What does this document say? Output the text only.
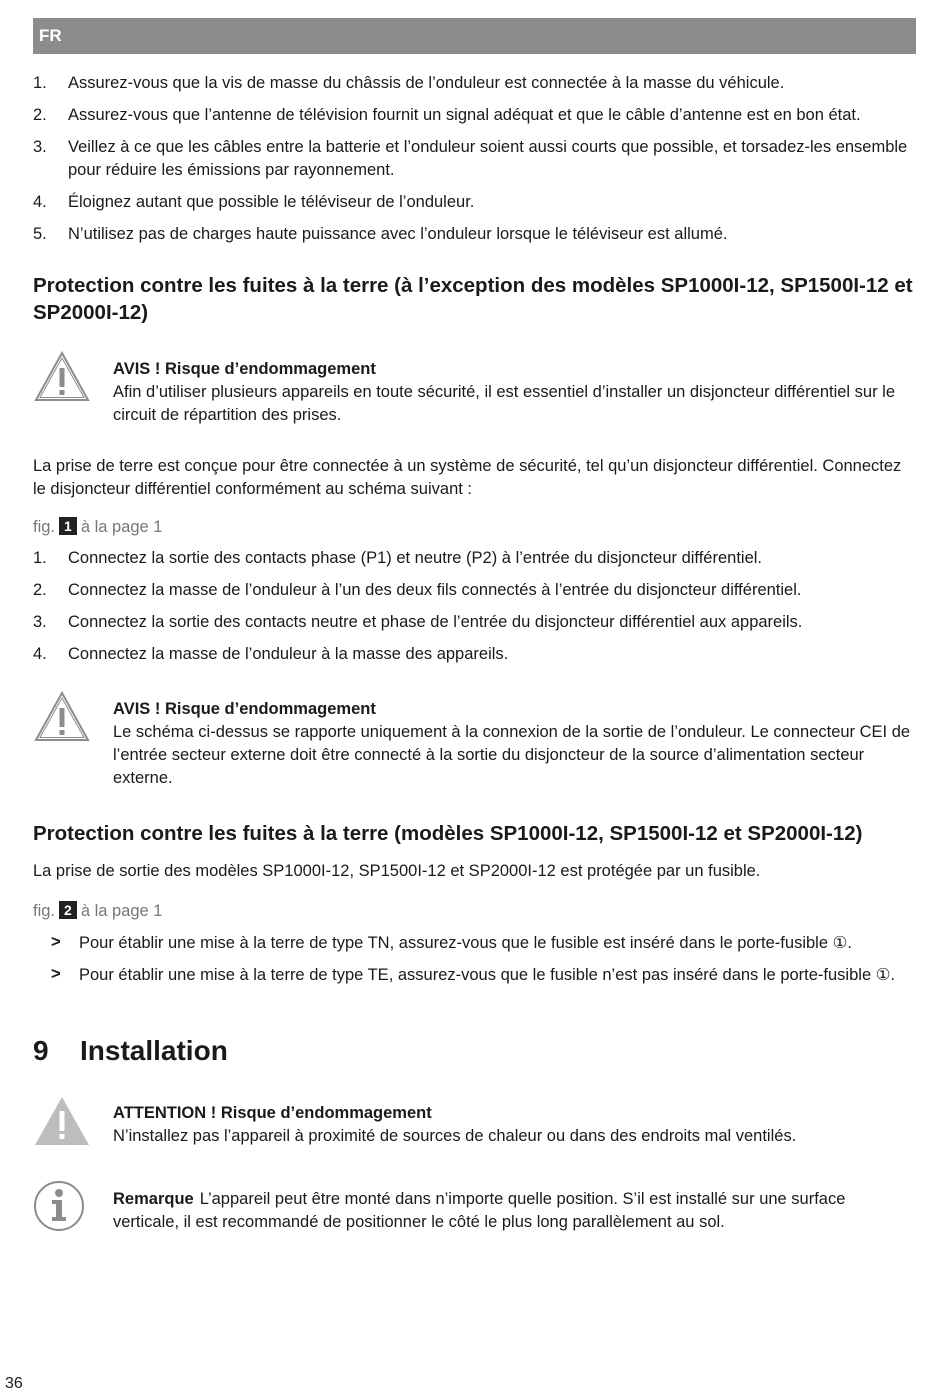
FR
1. Assurez-vous que la vis de masse du châssis de l’onduleur est connectée à la masse du véhicule.
2. Assurez-vous que l’antenne de télévision fournit un signal adéquat et que le câble d’antenne est en bon état.
3. Veillez à ce que les câbles entre la batterie et l’onduleur soient aussi courts que possible, et torsadez-les ensemble pour réduire les émissions par rayonnement.
4. Éloignez autant que possible le téléviseur de l’onduleur.
5. N’utilisez pas de charges haute puissance avec l’onduleur lorsque le téléviseur est allumé.
Protection contre les fuites à la terre (à l’exception des modèles SP1000I-12, SP1500I-12 et SP2000I-12)
AVIS ! Risque d’endommagement
Afin d’utiliser plusieurs appareils en toute sécurité, il est essentiel d’installer un disjoncteur différentiel sur le circuit de répartition des prises.

La prise de terre est conçue pour être connectée à un système de sécurité, tel qu’un disjoncteur différentiel. Connectez le disjoncteur différentiel conformément au schéma suivant :

fig. 1 à la page 1
1. Connectez la sortie des contacts phase (P1) et neutre (P2) à l’entrée du disjoncteur différentiel.
2. Connectez la masse de l’onduleur à l’un des deux fils connectés à l’entrée du disjoncteur différentiel.
3. Connectez la sortie des contacts neutre et phase de l’entrée du disjoncteur différentiel aux appareils.
4. Connectez la masse de l’onduleur à la masse des appareils.
AVIS ! Risque d’endommagement
Le schéma ci-dessus se rapporte uniquement à la connexion de la sortie de l’onduleur. Le connecteur CEI de l’entrée secteur externe doit être connecté à la sortie du disjoncteur de la source d’alimentation secteur externe.
Protection contre les fuites à la terre (modèles SP1000I-12, SP1500I-12 et SP2000I-12)

La prise de sortie des modèles SP1000I-12, SP1500I-12 et SP2000I-12 est protégée par un fusible.

fig. 2 à la page 1
> Pour établir une mise à la terre de type TN, assurez-vous que le fusible est inséré dans le porte-fusible ①.
> Pour établir une mise à la terre de type TE, assurez-vous que le fusible n’est pas inséré dans le porte-fusible ①.
9 Installation
ATTENTION ! Risque d’endommagement
N’installez pas l’appareil à proximité de sources de chaleur ou dans des endroits mal ventilés.
Remarque L’appareil peut être monté dans n’importe quelle position. S’il est installé sur une surface verticale, il est recommandé de positionner le côté le plus long parallèlement au sol.
36
